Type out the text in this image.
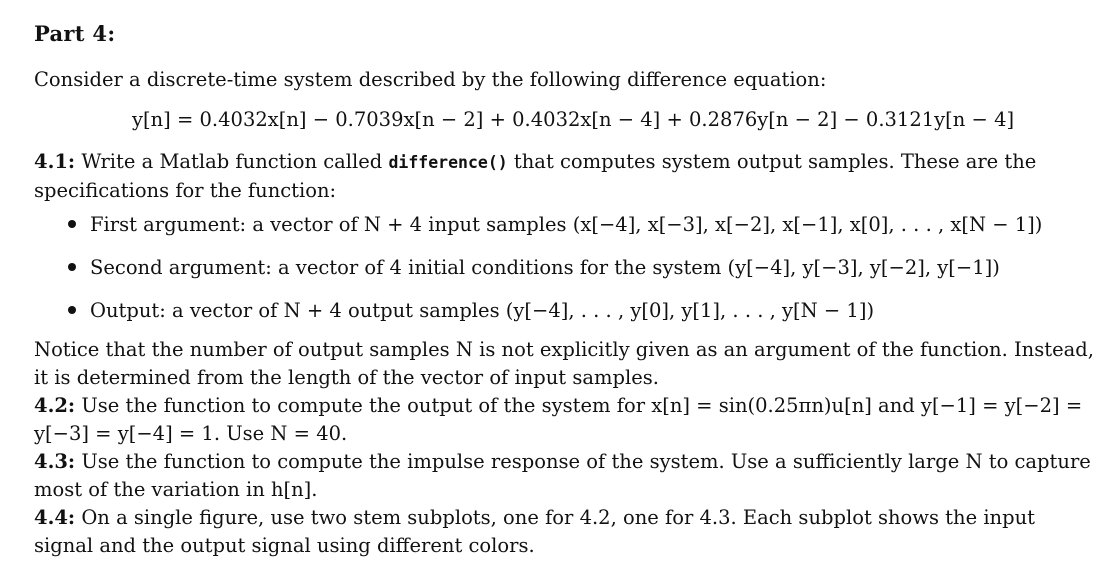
Part 4:
Consider a discrete-time system described by the following difference equation:
y[n] = 0.4032x[n] − 0.7039x[n − 2] + 0.4032x[n − 4] + 0.2876y[n − 2] − 0.3121y[n − 4]
4.1: Write a Matlab function called difference() that computes system output samples. These are the
specifications for the function:
First argument: a vector of N + 4 input samples (x[−4], x[−3], x[−2], x[−1], x[0], . . . , x[N − 1])
Second argument: a vector of 4 initial conditions for the system (y[−4], y[−3], y[−2], y[−1])
Output: a vector of N + 4 output samples (y[−4], . . . , y[0], y[1], . . . , y[N − 1])
Notice that the number of output samples N is not explicitly given as an argument of the function. Instead,
it is determined from the length of the vector of input samples.
4.2: Use the function to compute the output of the system for x[n] = sin(0.25πn)u[n] and y[−1] = y[−2] =
y[−3] = y[−4] = 1. Use N = 40.
4.3: Use the function to compute the impulse response of the system. Use a sufficiently large N to capture
most of the variation in h[n].
4.4: On a single figure, use two stem subplots, one for 4.2, one for 4.3. Each subplot shows the input
signal and the output signal using different colors.
